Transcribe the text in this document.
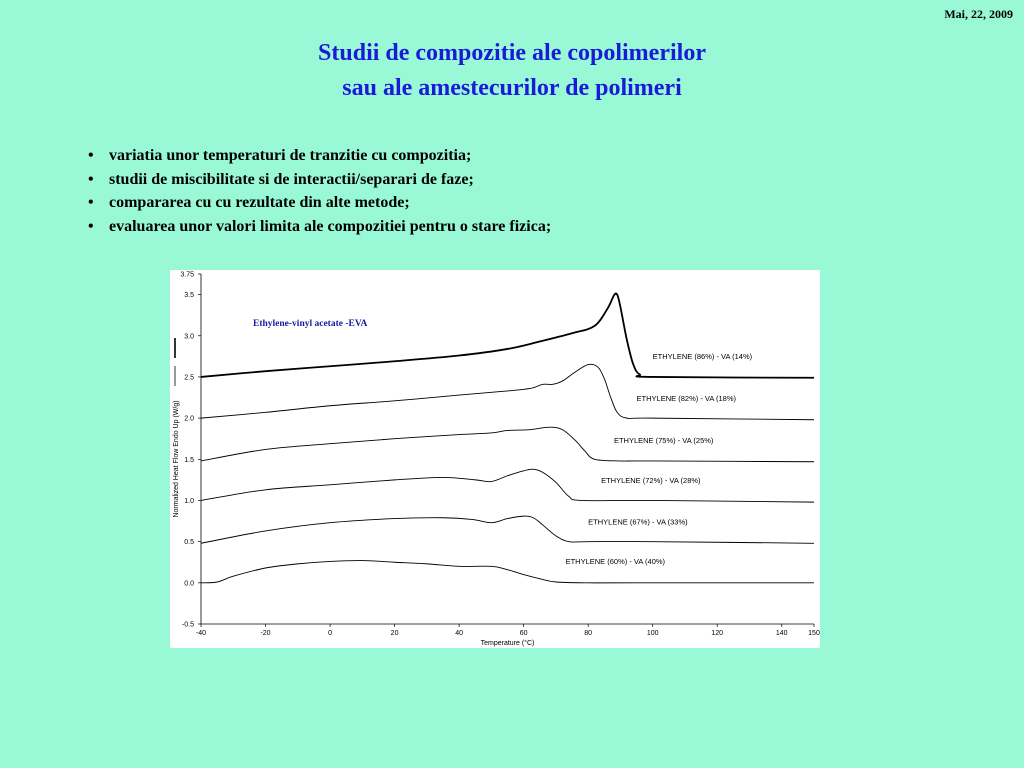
Mai, 22, 2009
Studii de compozitie ale copolimerilor
sau ale amestecurilor de polimeri
• variatia unor temperaturi de tranzitie cu compozitia;
• studii de miscibilitate si de interactii/separari de faze;
• compararea cu cu rezultate din alte metode;
• evaluarea unor valori limita ale compozitiei pentru o stare fizica;
-40	-20	0	20	40	60	80	100	120	140	150
-0.5
0.0
0.5
1.0
1.5
2.0
2.5
3.0
3.5
3.75
Temperature (°C)
Normalized Heat Flow Endo Up (W/g)
Ethylene-vinyl acetate -EVA
ETHYLENE (86%) - VA (14%)
ETHYLENE (82%) - VA (18%)
ETHYLENE (75%) - VA (25%)
ETHYLENE (72%) - VA (28%)
ETHYLENE (67%) - VA (33%)
ETHYLENE (60%) - VA (40%)
